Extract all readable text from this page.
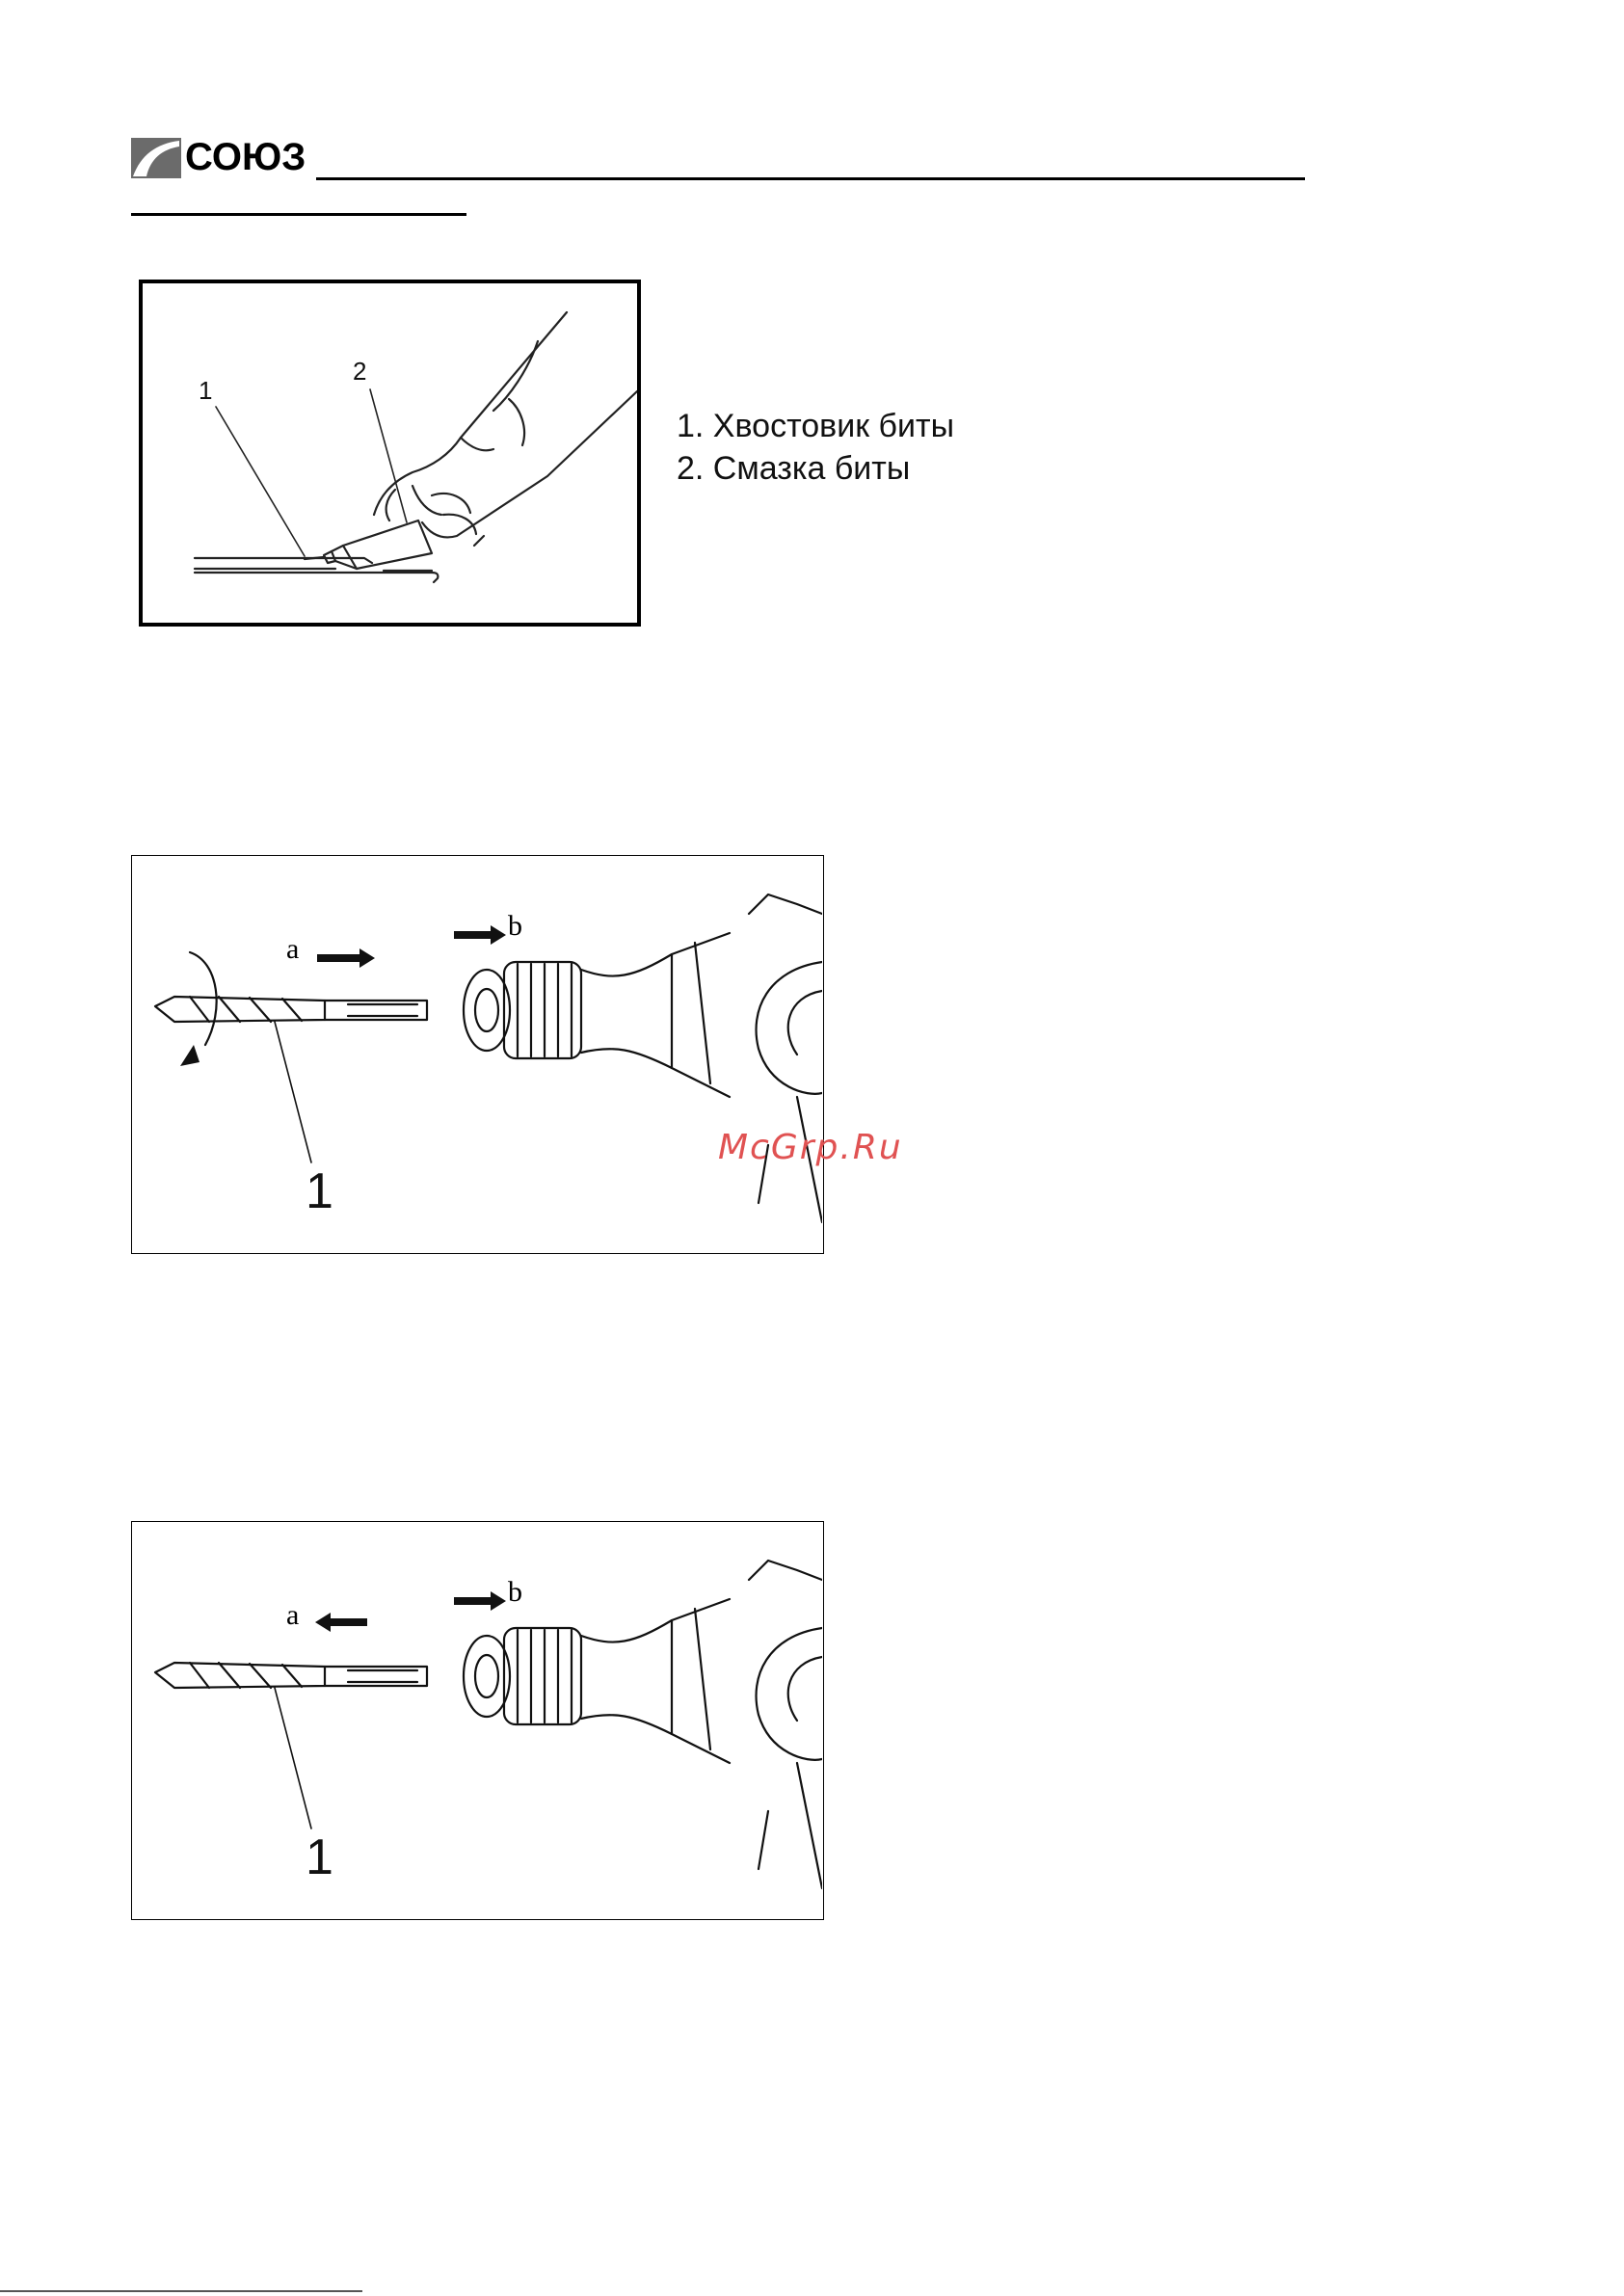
СОЮЗ
1
2
1. Хвостовик биты
2. Смазка биты
a
b
1
McGrp.Ru
a
b
1
